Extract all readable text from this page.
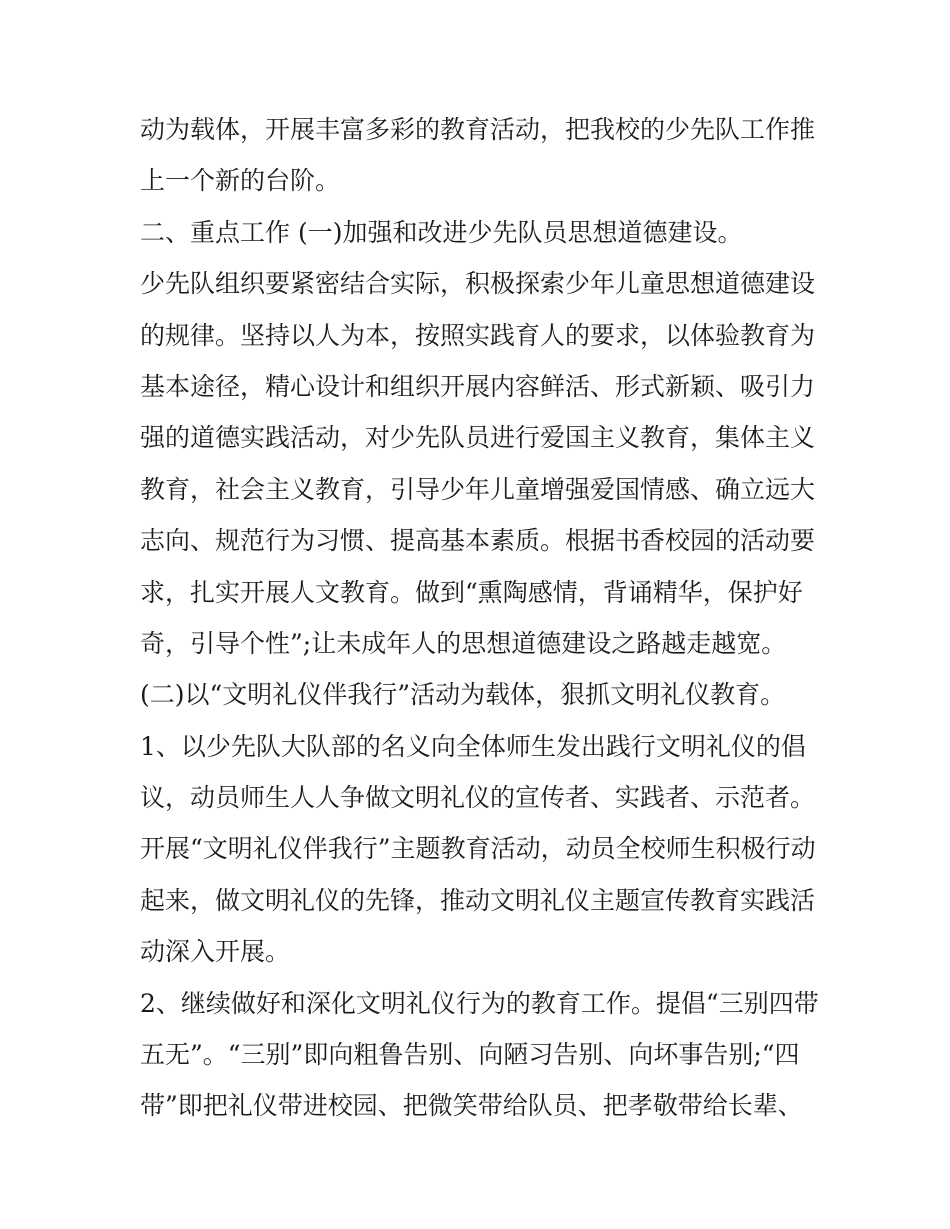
动为载体，开展丰富多彩的教育活动，把我校的少先队工作推

上一个新的台阶。

二、重点工作 (一)加强和改进少先队员思想道德建设。

少先队组织要紧密结合实际，积极探索少年儿童思想道德建设

的规律。坚持以人为本，按照实践育人的要求，以体验教育为

基本途径，精心设计和组织开展内容鲜活、形式新颖、吸引力

强的道德实践活动，对少先队员进行爱国主义教育，集体主义

教育，社会主义教育，引导少年儿童增强爱国情感、确立远大

志向、规范行为习惯、提高基本素质。根据书香校园的活动要

求，扎实开展人文教育。做到“熏陶感情，背诵精华，保护好

奇，引导个性”;让未成年人的思想道德建设之路越走越宽。

(二)以“文明礼仪伴我行”活动为载体，狠抓文明礼仪教育。

1、以少先队大队部的名义向全体师生发出践行文明礼仪的倡

议，动员师生人人争做文明礼仪的宣传者、实践者、示范者。

开展“文明礼仪伴我行”主题教育活动，动员全校师生积极行动

起来，做文明礼仪的先锋，推动文明礼仪主题宣传教育实践活

动深入开展。

2、继续做好和深化文明礼仪行为的教育工作。提倡“三别四带

五无”。“三别”即向粗鲁告别、向陋习告别、向坏事告别;“四

带”即把礼仪带进校园、把微笑带给队员、把孝敬带给长辈、
